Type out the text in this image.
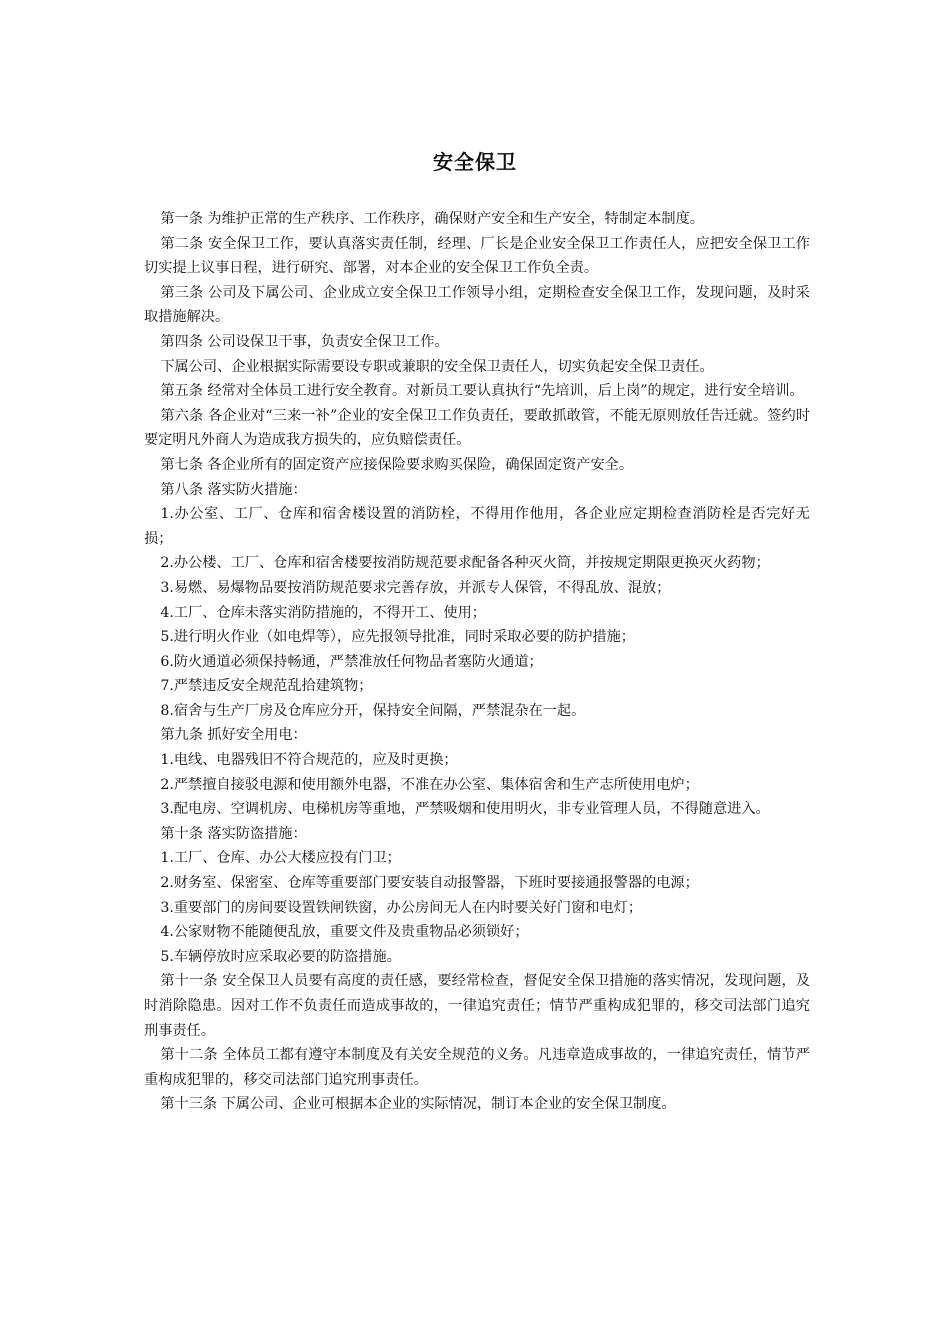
安全保卫

第一条 为维护正常的生产秩序、工作秩序，确保财产安全和生产安全，特制定本制度。

第二条 安全保卫工作，要认真落实责任制，经理、厂长是企业安全保卫工作责任人，应把安全保卫工作切实提上议事日程，进行研究、部署，对本企业的安全保卫工作负全责。

第三条 公司及下属公司、企业成立安全保卫工作领导小组，定期检查安全保卫工作，发现问题，及时采取措施解决。

第四条 公司设保卫干事，负责安全保卫工作。

下属公司、企业根据实际需要设专职或兼职的安全保卫责任人，切实负起安全保卫责任。

第五条 经常对全体员工进行安全教育。对新员工要认真执行“先培训，后上岗”的规定，进行安全培训。

第六条 各企业对“三来一补”企业的安全保卫工作负责任，要敢抓敢管，不能无原则放任告迁就。签约时要定明凡外商人为造成我方损失的，应负赔偿责任。

第七条 各企业所有的固定资产应接保险要求购买保险，确保固定资产安全。

第八条 落实防火措施：

1.办公室、工厂、仓库和宿舍楼设置的消防栓，不得用作他用，各企业应定期检查消防栓是否完好无损；

2.办公楼、工厂、仓库和宿舍楼要按消防规范要求配备各种灭火筒，并按规定期限更换灭火药物；

3.易燃、易爆物品要按消防规范要求完善存放，并派专人保管，不得乱放、混放；

4.工厂、仓库未落实消防措施的，不得开工、使用；

5.进行明火作业（如电焊等），应先报领导批准，同时采取必要的防护措施；

6.防火通道必须保持畅通，严禁准放任何物品者塞防火通道；

7.严禁违反安全规范乱拾建筑物；

8.宿舍与生产厂房及仓库应分开，保持安全间隔，严禁混杂在一起。

第九条 抓好安全用电：

1.电线、电器残旧不符合规范的，应及时更换；

2.严禁擅自接驳电源和使用额外电器，不准在办公室、集体宿舍和生产志所使用电炉；

3.配电房、空调机房、电梯机房等重地，严禁吸烟和使用明火，非专业管理人员，不得随意进入。

第十条 落实防盗措施：

1.工厂、仓库、办公大楼应投有门卫；

2.财务室、保密室、仓库等重要部门要安装自动报警器，下班时要接通报警器的电源；

3.重要部门的房间要设置铁闸铁窗，办公房间无人在内时要关好门窗和电灯；

4.公家财物不能随便乱放，重要文件及贵重物品必须锁好；

5.车辆停放时应采取必要的防盗措施。

第十一条 安全保卫人员要有高度的责任感，要经常检查，督促安全保卫措施的落实情况，发现问题，及时消除隐患。因对工作不负责任而造成事故的，一律追究责任；情节严重构成犯罪的，移交司法部门追究刑事责任。

第十二条 全体员工都有遵守本制度及有关安全规范的义务。凡违章造成事故的，一律追究责任，情节严重构成犯罪的，移交司法部门追究刑事责任。

第十三条 下属公司、企业可根据本企业的实际情况，制订本企业的安全保卫制度。
